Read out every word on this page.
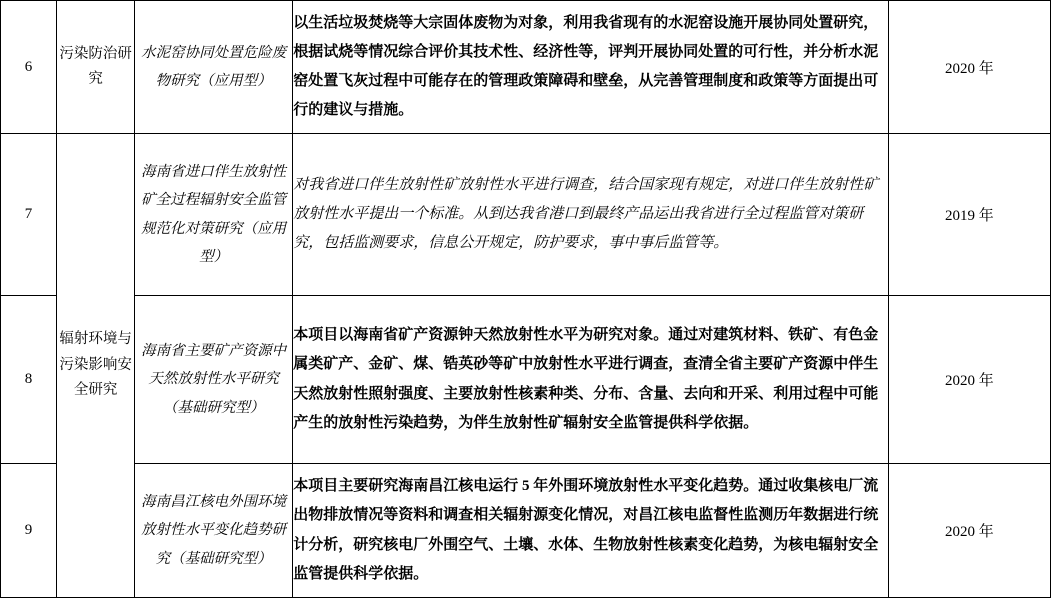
6	污染防治研究	水泥窑协同处置危险废物研究（应用型）	以生活垃圾焚烧等大宗固体废物为对象，利用我省现有的水泥窑设施开展协同处置研究，根据试烧等情况综合评价其技术性、经济性等，评判开展协同处置的可行性，并分析水泥窑处置飞灰过程中可能存在的管理政策障碍和壁垒，从完善管理制度和政策等方面提出可行的建议与措施。	2020 年
7	辐射环境与污染影响安全研究	海南省进口伴生放射性矿全过程辐射安全监管规范化对策研究（应用型）	对我省进口伴生放射性矿放射性水平进行调查，结合国家现有规定，对进口伴生放射性矿放射性水平提出一个标准。从到达我省港口到最终产品运出我省进行全过程监管对策研究，包括监测要求，信息公开规定，防护要求，事中事后监管等。	2019 年
8		海南省主要矿产资源中天然放射性水平研究（基础研究型）	本项目以海南省矿产资源钟天然放射性水平为研究对象。通过对建筑材料、铁矿、有色金属类矿产、金矿、煤、锆英砂等矿中放射性水平进行调查，查清全省主要矿产资源中伴生天然放射性照射强度、主要放射性核素种类、分布、含量、去向和开采、利用过程中可能产生的放射性污染趋势，为伴生放射性矿辐射安全监管提供科学依据。	2020 年
9		海南昌江核电外围环境放射性水平变化趋势研究（基础研究型）	本项目主要研究海南昌江核电运行 5 年外围环境放射性水平变化趋势。通过收集核电厂流出物排放情况等资料和调查相关辐射源变化情况，对昌江核电监督性监测历年数据进行统计分析，研究核电厂外围空气、土壤、水体、生物放射性核素变化趋势，为核电辐射安全监管提供科学依据。	2020 年
